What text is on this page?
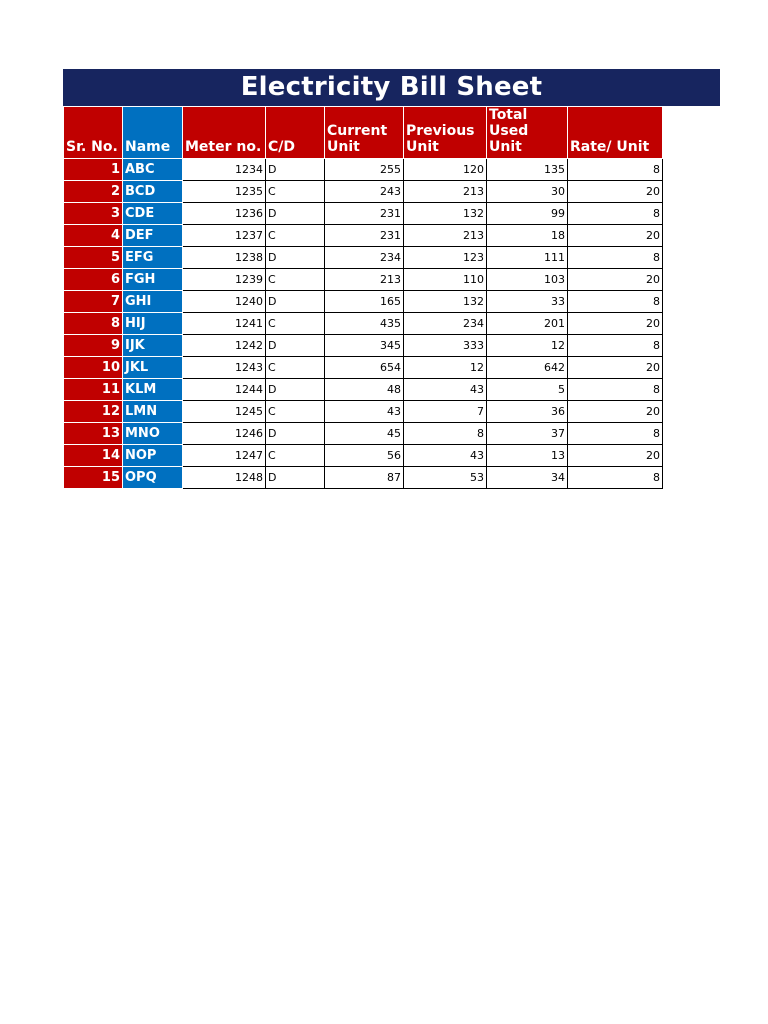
Electricity Bill Sheet
Sr. No.	Name	Meter no.	C/D	Current Unit	Previous Unit	Total Used Unit	Rate/ Unit
1	ABC	1234	D	255	120	135	8
2	BCD	1235	C	243	213	30	20
3	CDE	1236	D	231	132	99	8
4	DEF	1237	C	231	213	18	20
5	EFG	1238	D	234	123	111	8
6	FGH	1239	C	213	110	103	20
7	GHI	1240	D	165	132	33	8
8	HIJ	1241	C	435	234	201	20
9	IJK	1242	D	345	333	12	8
10	JKL	1243	C	654	12	642	20
11	KLM	1244	D	48	43	5	8
12	LMN	1245	C	43	7	36	20
13	MNO	1246	D	45	8	37	8
14	NOP	1247	C	56	43	13	20
15	OPQ	1248	D	87	53	34	8
